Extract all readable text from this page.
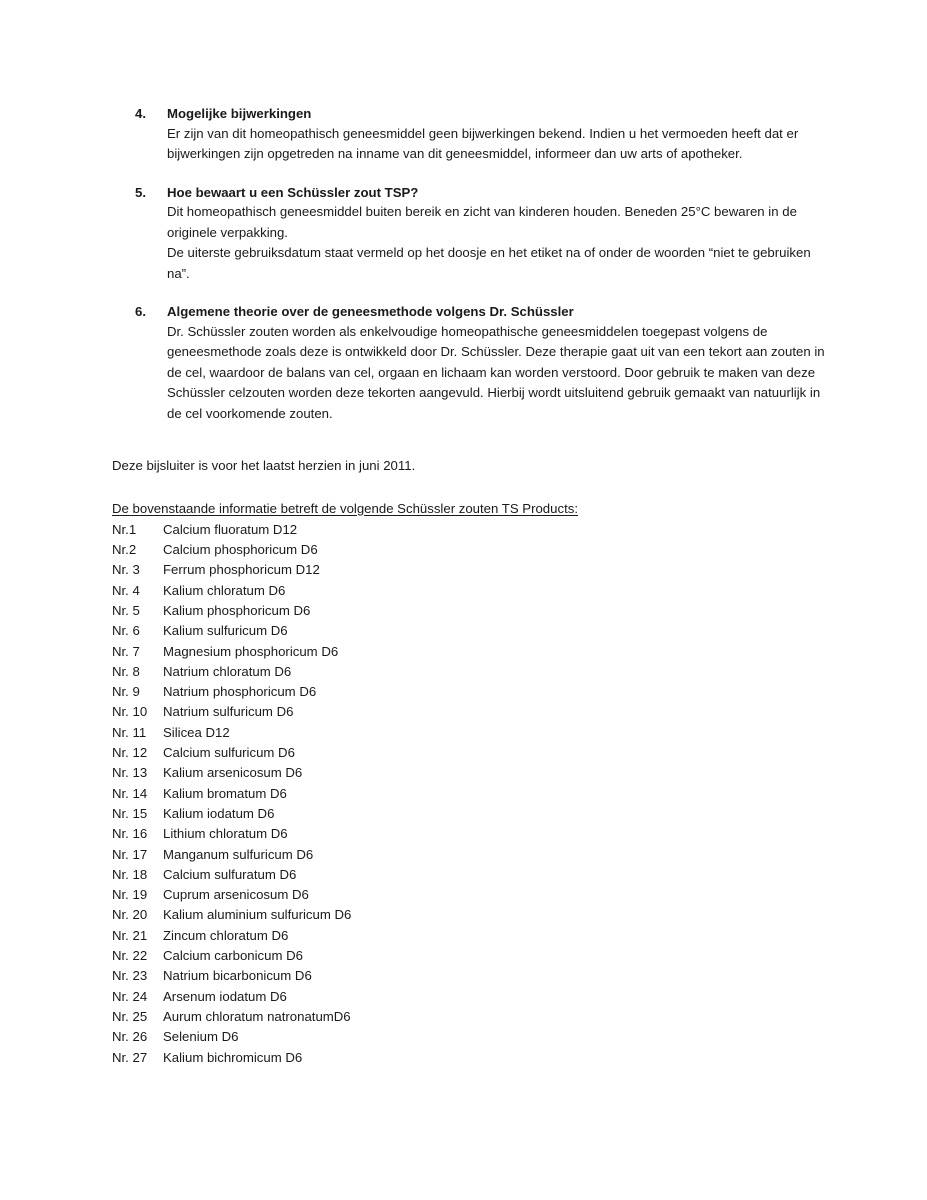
4. Mogelijke bijwerkingen

Er zijn van dit homeopathisch geneesmiddel geen bijwerkingen bekend. Indien u het vermoeden heeft dat er bijwerkingen zijn opgetreden na inname van dit geneesmiddel, informeer dan uw arts of apotheker.

5. Hoe bewaart u een Schüssler zout TSP?

Dit homeopathisch geneesmiddel buiten bereik en zicht van kinderen houden. Beneden 25°C bewaren in de originele verpakking.

De uiterste gebruiksdatum staat vermeld op het doosje en het etiket na of onder de woorden “niet te gebruiken na”.

6. Algemene theorie over de geneesmethode volgens Dr. Schüssler

Dr. Schüssler zouten worden als enkelvoudige homeopathische geneesmiddelen toegepast volgens de geneesmethode zoals deze is ontwikkeld door Dr. Schüssler. Deze therapie gaat uit van een tekort aan zouten in de cel, waardoor de balans van cel, orgaan en lichaam kan worden verstoord. Door gebruik te maken van deze Schüssler celzouten worden deze tekorten aangevuld. Hierbij wordt uitsluitend gebruik gemaakt van natuurlijk in de cel voorkomende zouten.

Deze bijsluiter is voor het laatst herzien in juni 2011.

De bovenstaande informatie betreft de volgende Schüssler zouten TS Products:
Nr.1	Calcium fluoratum D12
Nr.2	Calcium phosphoricum D6
Nr. 3	Ferrum phosphoricum D12
Nr. 4	Kalium chloratum D6
Nr. 5	Kalium phosphoricum D6
Nr. 6	Kalium sulfuricum D6
Nr. 7	Magnesium phosphoricum D6
Nr. 8	Natrium chloratum D6
Nr. 9	Natrium phosphoricum D6
Nr. 10	Natrium sulfuricum D6
Nr. 11	Silicea D12
Nr. 12	Calcium sulfuricum D6
Nr. 13	Kalium arsenicosum D6
Nr. 14	Kalium bromatum D6
Nr. 15	Kalium iodatum D6
Nr. 16	Lithium chloratum D6
Nr. 17	Manganum sulfuricum D6
Nr. 18	Calcium sulfuratum D6
Nr. 19	Cuprum arsenicosum D6
Nr. 20	Kalium aluminium sulfuricum D6
Nr. 21	Zincum chloratum D6
Nr. 22	Calcium carbonicum D6
Nr. 23	Natrium bicarbonicum D6
Nr. 24	Arsenum iodatum D6
Nr. 25	Aurum chloratum natronatumD6
Nr. 26	Selenium D6
Nr. 27	Kalium bichromicum D6
